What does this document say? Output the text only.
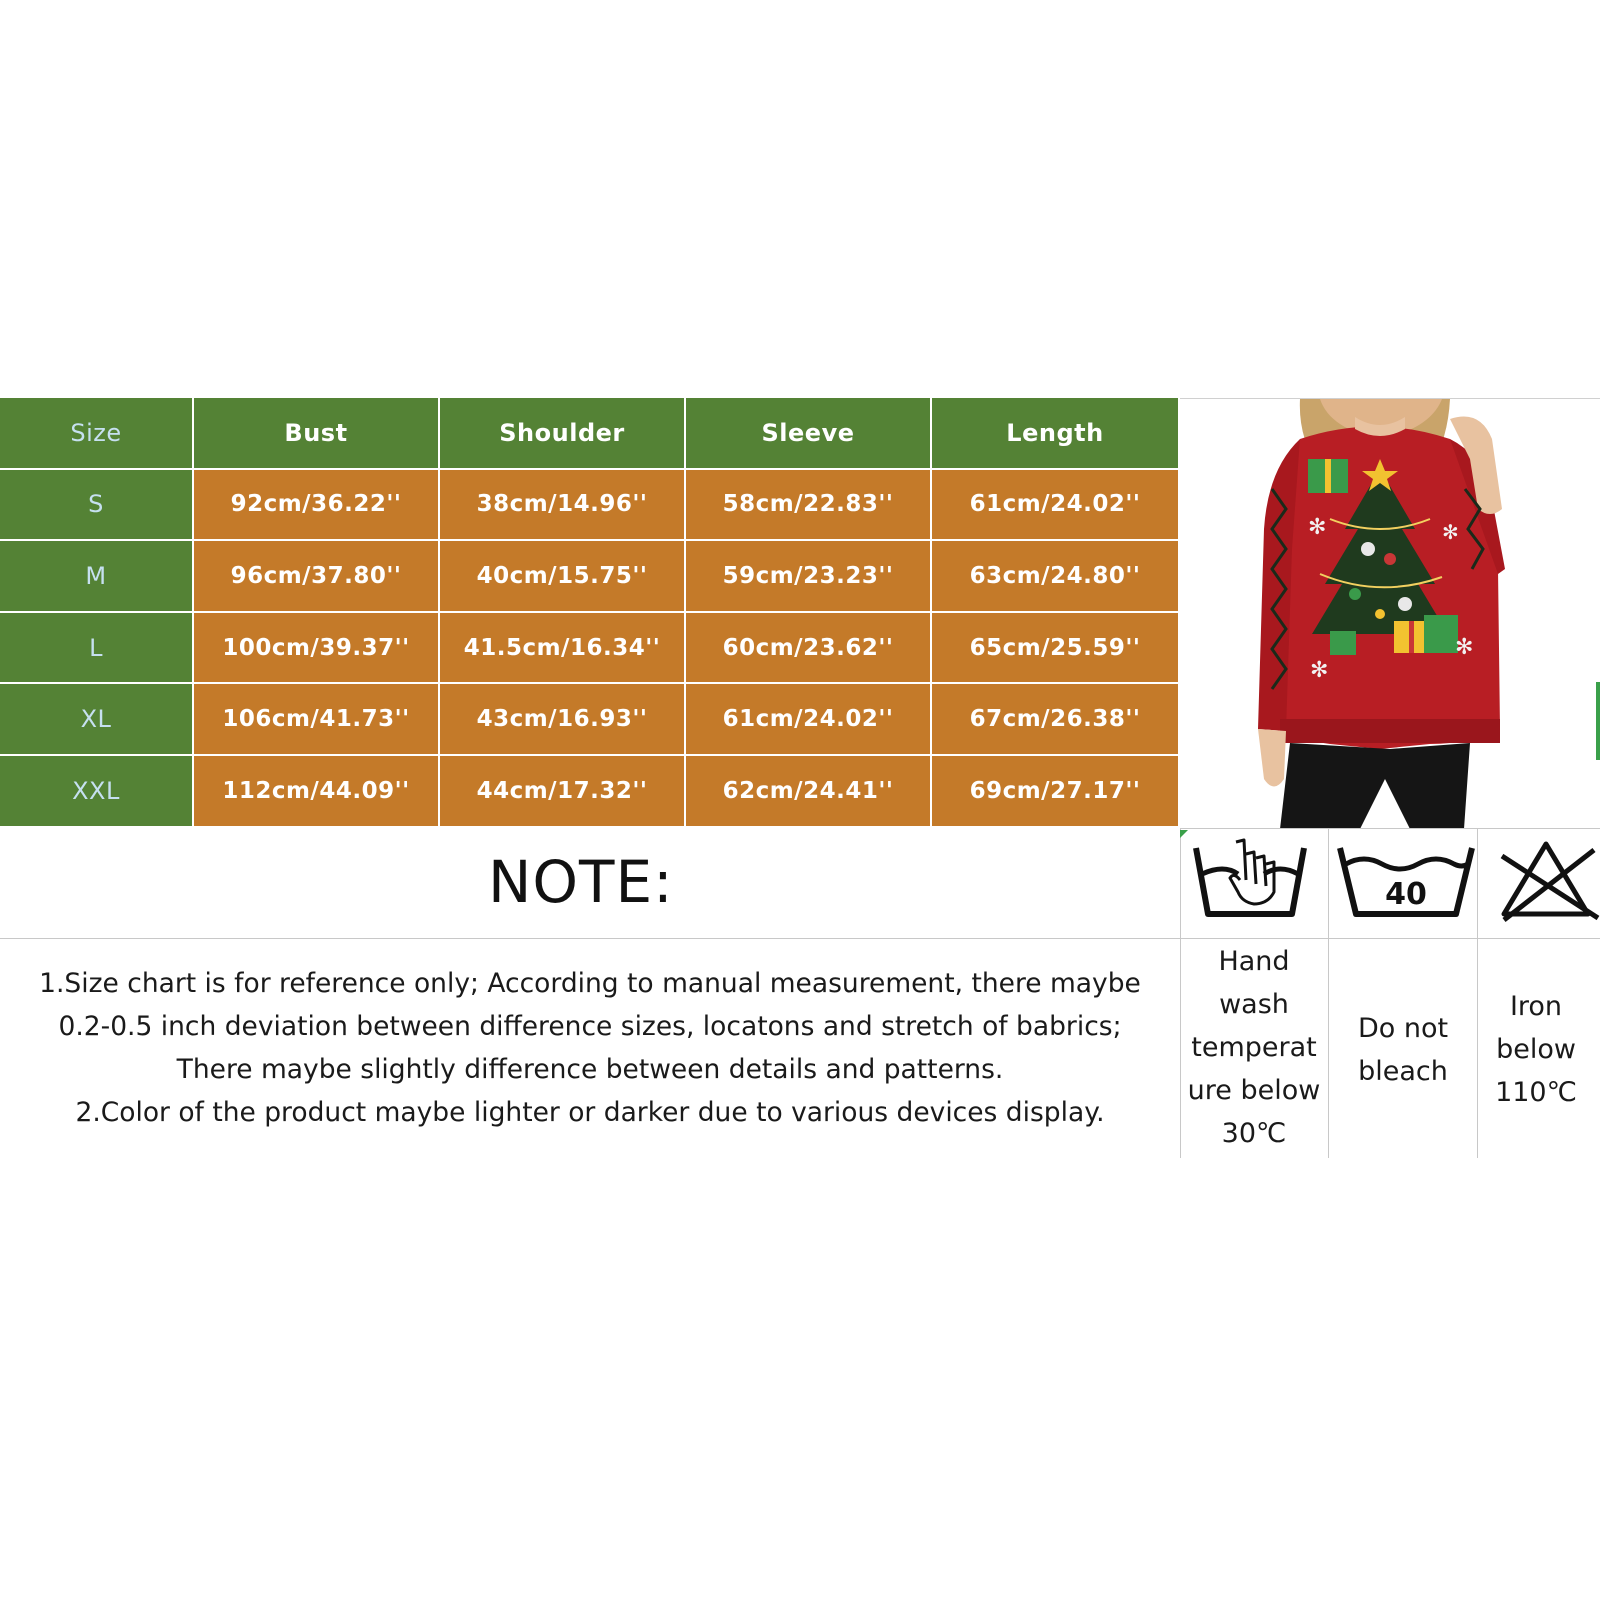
Size	Bust	Shoulder	Sleeve	Length
S	92cm/36.22''	38cm/14.96''	58cm/22.83''	61cm/24.02''
M	96cm/37.80''	40cm/15.75''	59cm/23.23''	63cm/24.80''
L	100cm/39.37''	41.5cm/16.34''	60cm/23.62''	65cm/25.59''
XL	106cm/41.73''	43cm/16.93''	61cm/24.02''	67cm/26.38''
XXL	112cm/44.09''	44cm/17.32''	62cm/24.41''	69cm/27.17''
✻	✻
✻
✻
NOTE:

1.Size chart is for reference only; According to manual measurement, there maybe

0.2-0.5 inch deviation between difference sizes, locatons and stretch of babrics;

There maybe slightly difference between details and patterns.

2.Color of the product maybe lighter or darker due to various devices display.

40
Hand
wash
temperat
ure below
30℃
Do not
bleach
Iron
below
110℃
